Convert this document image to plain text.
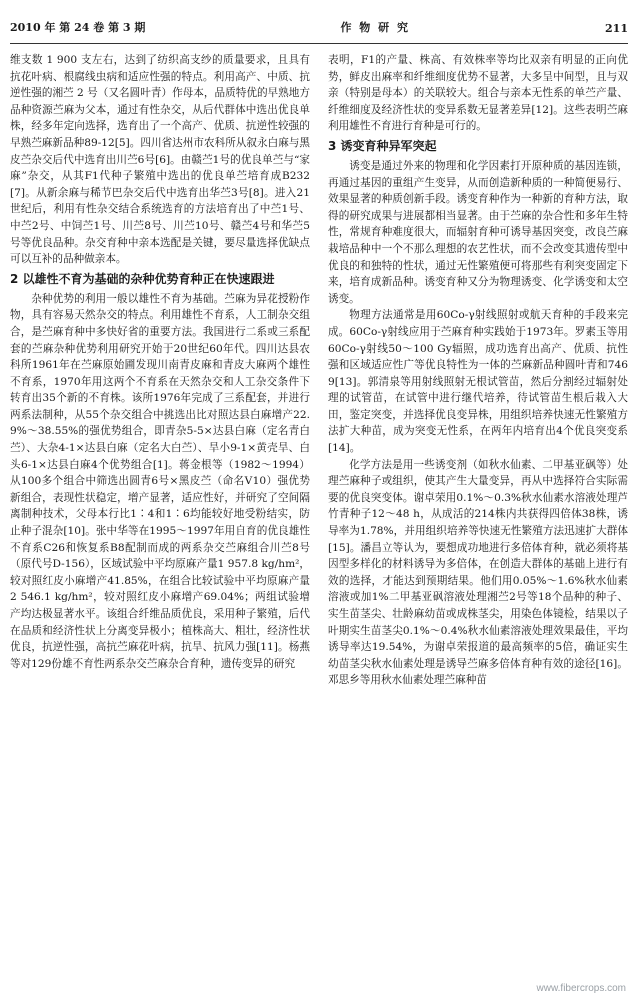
2010 年 第 24 卷 第 3 期	作 物 研 究	211

维支数 1 900 支左右，达到了纺织高支纱的质量要求，且具有抗花叶病、根腐线虫病和适应性强的特点。利用高产、中质、抗逆性强的湘苎 2 号（又名圆叶青）作母本，品质特优的早熟地方品种资源苎麻为父本，通过有性杂交，从后代群体中选出优良单株，经多年定向选择，选育出了一个高产、优质、抗逆性较强的早熟苎麻新品种89-12[5]。四川省达州市农科所从叙永白麻与黑皮苎杂交后代中选育出川苎6号[6]。由赣苎1号的优良单苎与“家麻”杂交，从其F1代种子繁殖中选出的优良单苎培育成B232[7]。从新余麻与稀节巴杂交后代中选育出华苎3号[8]。进入21世纪后，利用有性杂交结合系统选育的方法培育出了中苎1号、中苎2号、中饲苎1号、川苎8号、川苎10号、赣苎4号和华苎5号等优良品种。杂交育种中亲本选配是关键，要尽量选择优缺点可以互补的品种做亲本。

2 以雄性不育为基础的杂种优势育种正在快速跟进

杂种优势的利用一般以雄性不育为基础。苎麻为异花授粉作物，具有容易天然杂交的特点。利用雄性不育系，人工制杂交组合，是苎麻育种中多快好省的重要方法。我国进行二系或三系配套的苎麻杂种优势利用研究开始于20世纪60年代。四川达县农科所1961年在苎麻原始圃发现川南青皮麻和青皮大麻两个雄性不育系，1970年用这两个不育系在天然杂交和人工杂交条件下转育出35个新的不育株。该所1976年完成了三系配套，并进行两系法制种，从55个杂交组合中挑选出比对照达县白麻增产22.9%～38.55%的强优势组合，即青杂5-5×达县白麻（定名青白苎）、大杂4-1×达县白麻（定名大白苎）、旱小9-1×黄壳旱、白头6-1×达县白麻4个优势组合[1]。蒋金根等（1982～1994）从100多个组合中筛选出圆青6号×黑皮苎（命名Ⅴ10）强优势新组合，表现性状稳定，增产显著，适应性好，并研究了空间隔离制种技术，父母本行比1∶4和1∶6均能较好地受粉结实，防止种子混杂[10]。张中华等在1995～1997年用自育的优良雄性不育系C26和恢复系B8配制而成的两系杂交苎麻组合川苎8号（原代号D-156），区域试验中平均原麻产量1 957.8 kg/hm²，较对照红皮小麻增产41.85%，在组合比较试验中平均原麻产量2 546.1 kg/hm²，较对照红皮小麻增产69.04%；两组试验增产均达极显著水平。该组合纤维品质优良，采用种子繁殖，后代在品质和经济性状上分离变异极小；植株高大、粗壮，经济性状优良，抗逆性强，高抗苎麻花叶病，抗旱、抗风力强[11]。杨燕等对129份雄不育性两系杂交苎麻杂合育种，遗传变异的研究

表明，F1的产量、株高、有效株率等均比双亲有明显的正向优势，鲜皮出麻率和纤维细度优势不显著，大多呈中间型，且与双亲（特别是母本）的关联较大。组合与亲本无性系的单苎产量、纤维细度及经济性状的变异系数无显著差异[12]。这些表明苎麻利用雄性不育进行育种是可行的。

3 诱变育种异军突起

诱变是通过外来的物理和化学因素打开原种质的基因连锁，再通过基因的重组产生变异，从而创造新种质的一种简便易行、效果显著的种质创新手段。诱变育种作为一种新的育种方法，取得的研究成果与进展都相当显著。由于苎麻的杂合性和多年生特性，常规育种难度很大，而辐射育种可诱导基因突变，改良苎麻栽培品种中一个不那么理想的农艺性状，而不会改变其遗传型中优良的和独特的性状，通过无性繁殖便可将那些有利突变固定下来，培育成新品种。诱变育种又分为物理诱变、化学诱变和太空诱变。

物理方法通常是用60Co-γ射线照射或航天育种的手段来完成。60Co-γ射线应用于苎麻育种实践始于1973年。罗素玉等用60Co-γ射线50～100 Gy辐照，成功选育出高产、优质、抗性强和区域适应性广等优良特性为一体的苎麻新品种圆叶青和7469[13]。郭清泉等用射线照射无根试管苗，然后分割经过辐射处理的试管苗，在试管中进行继代培养，待试管苗生根后栽入大田，鉴定突变，并选择优良变异株，用组织培养快速无性繁殖方法扩大种苗，成为突变无性系，在两年内培育出4个优良突变系[14]。

化学方法是用一些诱变剂（如秋水仙素、二甲基亚砜等）处理苎麻种子或组织，使其产生大量变异，再从中选择符合实际需要的优良突变体。谢卓荣用0.1%～0.3%秋水仙素水溶液处理芦竹青种子12～48 h，从成活的214株内共获得四倍体38株，诱导率为1.78%，并用组织培养等快速无性繁殖方法迅速扩大群体[15]。潘昌立等认为，要想成功地进行多倍体育种，就必须将基因型多样化的材料诱导为多倍体，在创造大群体的基础上进行有效的选择，才能达到预期结果。他们用0.05%～1.6%秋水仙素溶液或加1%二甲基亚砜溶液处理湘苎2号等18个品种的种子、实生苗茎尖、壮龄麻幼苗或成株茎尖，用染色体镜检，结果以子叶期实生苗茎尖0.1%～0.4%秋水仙素溶液处理效果最佳，平均诱导率达19.54%，为谢卓荣报道的最高频率的5倍，确证实生幼苗茎尖秋水仙素处理是诱导苎麻多倍体育种有效的途径[16]。邓思乡等用秋水仙素处理苎麻种苗

www.fibercrops.com
